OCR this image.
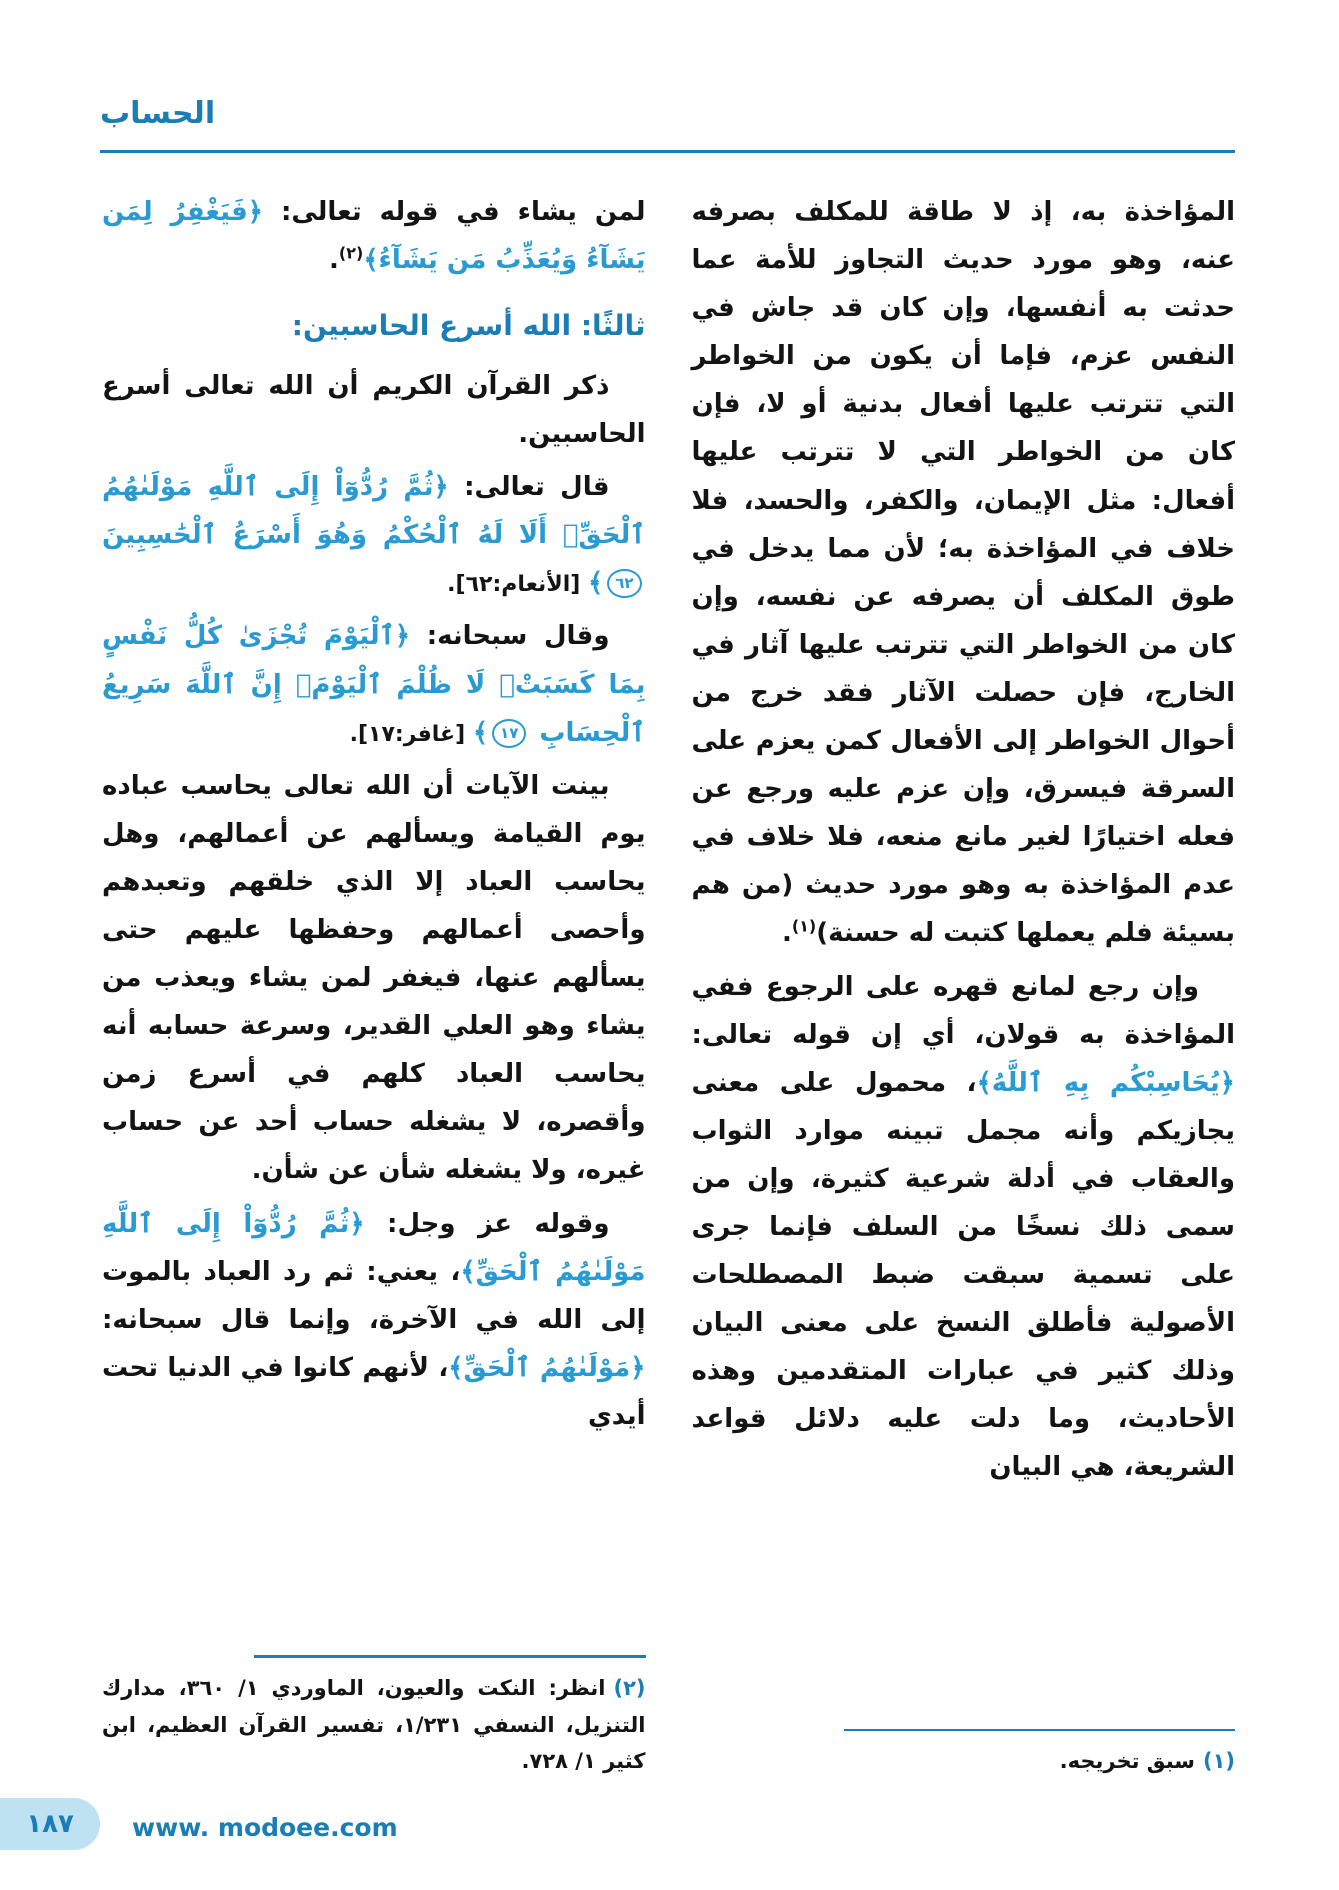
الحساب
المؤاخذة به، إذ لا طاقة للمكلف بصرفه عنه، وهو مورد حديث التجاوز للأمة عما حدثت به أنفسها، وإن كان قد جاش في النفس عزم، فإما أن يكون من الخواطر التي تترتب عليها أفعال بدنية أو لا، فإن كان من الخواطر التي لا تترتب عليها أفعال: مثل الإيمان، والكفر، والحسد، فلا خلاف في المؤاخذة به؛ لأن مما يدخل في طوق المكلف أن يصرفه عن نفسه، وإن كان من الخواطر التي تترتب عليها آثار في الخارج، فإن حصلت الآثار فقد خرج من أحوال الخواطر إلى الأفعال كمن يعزم على السرقة فيسرق، وإن عزم عليه ورجع عن فعله اختيارًا لغير مانع منعه، فلا خلاف في عدم المؤاخذة به وهو مورد حديث (من هم بسيئة فلم يعملها كتبت له حسنة)$^{(١)}$.
وإن رجع لمانع قهره على الرجوع ففي المؤاخذة به قولان، أي إن قوله تعالى: ﴿يُحَاسِبْكُم بِهِ ٱللَّهُ﴾، محمول على معنى يجازيكم وأنه مجمل تبينه موارد الثواب والعقاب في أدلة شرعية كثيرة، وإن من سمى ذلك نسخًا من السلف فإنما جرى على تسمية سبقت ضبط المصطلحات الأصولية فأطلق النسخ على معنى البيان وذلك كثير في عبارات المتقدمين وهذه الأحاديث، وما دلت عليه دلائل قواعد الشريعة، هي البيان
(١)سبق تخريجه.
لمن يشاء في قوله تعالى: ﴿فَيَغْفِرُ لِمَن يَشَآءُ وَيُعَذِّبُ مَن يَشَآءُ﴾$^{(٢)}$.
ثالثًا: الله أسرع الحاسبين:
ذكر القرآن الكريم أن الله تعالى أسرع الحاسبين.
قال تعالى: ﴿ثُمَّ رُدُّوٓاْ إِلَى ٱللَّهِ مَوْلَىٰهُمُ ٱلْحَقِّۚ أَلَا لَهُ ٱلْحُكْمُ وَهُوَ أَسْرَعُ ٱلْحَٰسِبِينَ ٦٢﴾ [الأنعام:٦٢].
وقال سبحانه: ﴿ٱلْيَوْمَ تُجْزَىٰ كُلُّ نَفْسٍ بِمَا كَسَبَتْۚ لَا ظُلْمَ ٱلْيَوْمَۚ إِنَّ ٱللَّهَ سَرِيعُ ٱلْحِسَابِ ١٧﴾ [غافر:١٧].
بينت الآيات أن الله تعالى يحاسب عباده يوم القيامة ويسألهم عن أعمالهم، وهل يحاسب العباد إلا الذي خلقهم وتعبدهم وأحصى أعمالهم وحفظها عليهم حتى يسألهم عنها، فيغفر لمن يشاء ويعذب من يشاء وهو العلي القدير، وسرعة حسابه أنه يحاسب العباد كلهم في أسرع زمن وأقصره، لا يشغله حساب أحد عن حساب غيره، ولا يشغله شأن عن شأن.
وقوله عز وجل: ﴿ثُمَّ رُدُّوٓاْ إِلَى ٱللَّهِ مَوْلَىٰهُمُ ٱلْحَقِّ﴾، يعني: ثم رد العباد بالموت إلى الله في الآخرة، وإنما قال سبحانه: ﴿مَوْلَىٰهُمُ ٱلْحَقِّ﴾، لأنهم كانوا في الدنيا تحت أيدي
(٢)انظر: النكت والعيون، الماوردي ١/ ٣٦٠، مدارك التنزيل، النسفي ١/٢٣١، تفسير القرآن العظيم، ابن كثير ١/ ٧٢٨.
١٨٧ www. modoee.com
